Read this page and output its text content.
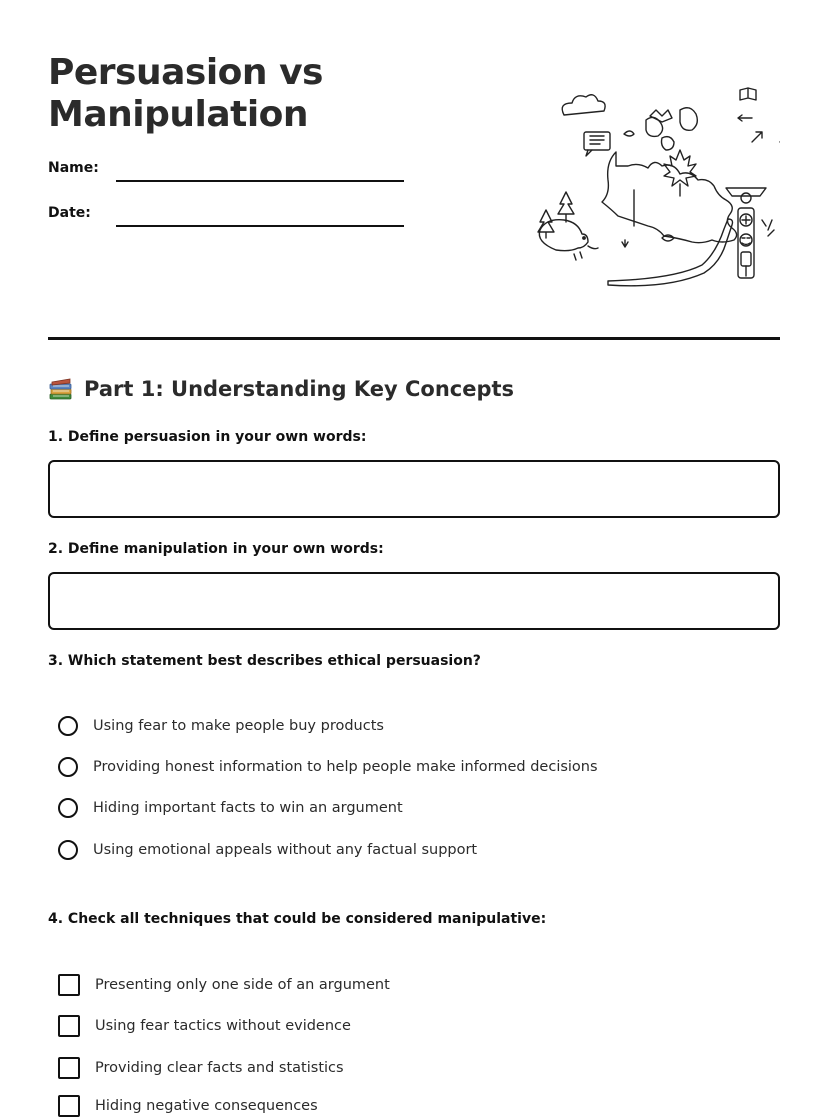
Persuasion vs Manipulation
Name:
Date:
Part 1: Understanding Key Concepts
1. Define persuasion in your own words:
2. Define manipulation in your own words:
3. Which statement best describes ethical persuasion?
Using fear to make people buy products
Providing honest information to help people make informed decisions
Hiding important facts to win an argument
Using emotional appeals without any factual support
4. Check all techniques that could be considered manipulative:
Presenting only one side of an argument
Using fear tactics without evidence
Providing clear facts and statistics
Hiding negative consequences
